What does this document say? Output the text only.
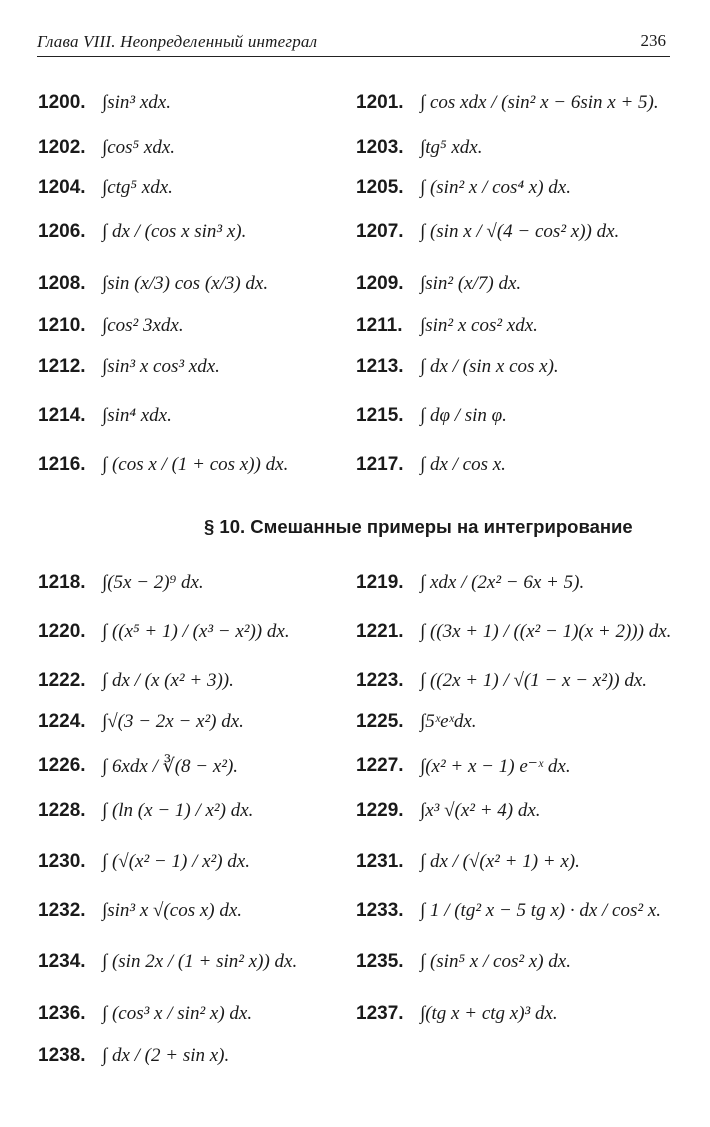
Глава VIII. Неопределенный интеграл	236
§ 10. Смешанные примеры на интегрирование
1200. ∫sin³ xdx.	1201. ∫ cos xdx / (sin² x − 6sin x + 5).
1202. ∫cos⁵ xdx.	1203. ∫tg⁵ xdx.
1204. ∫ctg⁵ xdx.	1205. ∫ (sin² x / cos⁴ x) dx.
1206. ∫ dx / (cos x sin³ x).	1207. ∫ (sin x / √(4 − cos² x)) dx.
1208. ∫sin (x/3) cos (x/3) dx.	1209. ∫sin² (x/7) dx.
1210. ∫cos² 3xdx.	1211. ∫sin² x cos² xdx.
1212. ∫sin³ x cos³ xdx.	1213. ∫ dx / (sin x cos x).
1214. ∫sin⁴ xdx.	1215. ∫ dφ / sin φ.
1216. ∫ (cos x / (1 + cos x)) dx.	1217. ∫ dx / cos x.
1218. ∫(5x − 2)⁹ dx.	1219. ∫ xdx / (2x² − 6x + 5).
1220. ∫ ((x⁵ + 1) / (x³ − x²)) dx.	1221. ∫ ((3x + 1) / ((x² − 1)(x + 2))) dx.
1222. ∫ dx / (x (x² + 3)).	1223. ∫ ((2x + 1) / √(1 − x − x²)) dx.
1224. ∫√(3 − 2x − x²) dx.	1225. ∫5ˣeˣdx.
1226. ∫ 6xdx / ∛(8 − x²).	1227. ∫(x² + x − 1) e⁻ˣ dx.
1228. ∫ (ln (x − 1) / x²) dx.	1229. ∫x³ √(x² + 4) dx.
1230. ∫ (√(x² − 1) / x²) dx.	1231. ∫ dx / (√(x² + 1) + x).
1232. ∫sin³ x √(cos x) dx.	1233. ∫ 1 / (tg² x − 5 tg x) · dx / cos² x.
1234. ∫ (sin 2x / (1 + sin² x)) dx.	1235. ∫ (sin⁵ x / cos² x) dx.
1236. ∫ (cos³ x / sin² x) dx.	1237. ∫(tg x + ctg x)³ dx.
1238. ∫ dx / (2 + sin x).
